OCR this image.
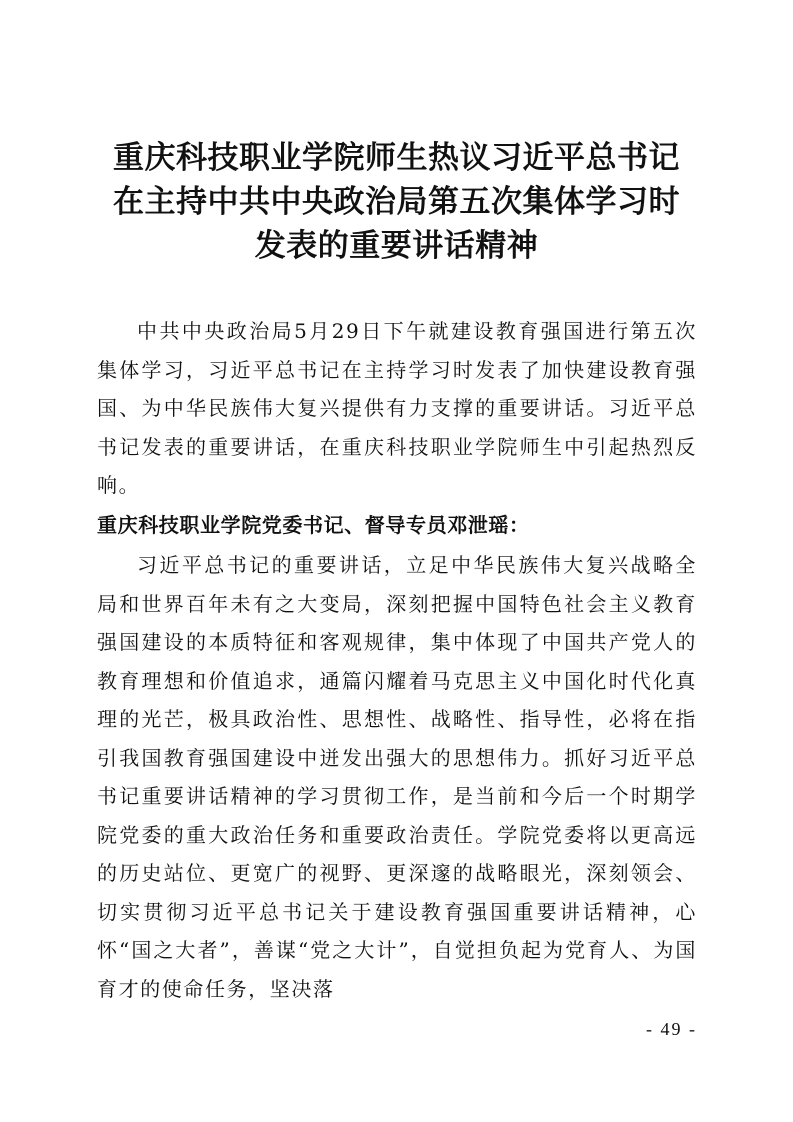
重庆科技职业学院师生热议习近平总书记
在主持中共中央政治局第五次集体学习时
发表的重要讲话精神

中共中央政治局5月29日下午就建设教育强国进行第五次集体学习，习近平总书记在主持学习时发表了加快建设教育强国、为中华民族伟大复兴提供有力支撑的重要讲话。习近平总书记发表的重要讲话，在重庆科技职业学院师生中引起热烈反响。

重庆科技职业学院党委书记、督导专员邓泄瑶：

习近平总书记的重要讲话，立足中华民族伟大复兴战略全局和世界百年未有之大变局，深刻把握中国特色社会主义教育强国建设的本质特征和客观规律，集中体现了中国共产党人的教育理想和价值追求，通篇闪耀着马克思主义中国化时代化真理的光芒，极具政治性、思想性、战略性、指导性，必将在指引我国教育强国建设中迸发出强大的思想伟力。抓好习近平总书记重要讲话精神的学习贯彻工作，是当前和今后一个时期学院党委的重大政治任务和重要政治责任。学院党委将以更高远的历史站位、更宽广的视野、更深邃的战略眼光，深刻领会、切实贯彻习近平总书记关于建设教育强国重要讲话精神，心怀“国之大者”，善谋“党之大计”，自觉担负起为党育人、为国育才的使命任务，坚决落

- 49 -
